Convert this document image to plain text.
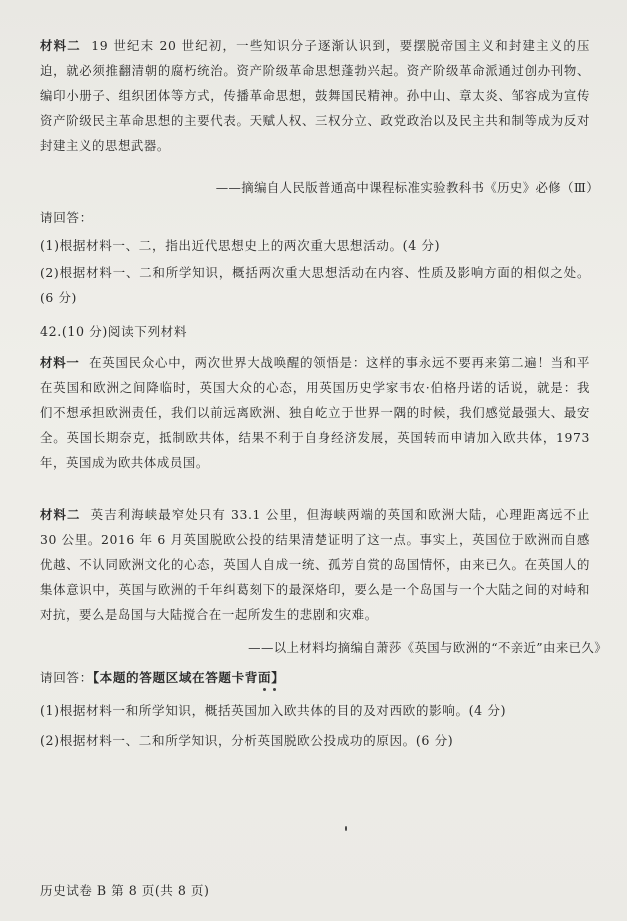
材料二 19 世纪末 20 世纪初，一些知识分子逐渐认识到，要摆脱帝国主义和封建主义的压迫，就必须推翻清朝的腐朽统治。资产阶级革命思想蓬勃兴起。资产阶级革命派通过创办刊物、编印小册子、组织团体等方式，传播革命思想，鼓舞国民精神。孙中山、章太炎、邹容成为宣传资产阶级民主革命思想的主要代表。天赋人权、三权分立、政党政治以及民主共和制等成为反对封建主义的思想武器。
——摘编自人民版普通高中课程标准实验教科书《历史》必修（Ⅲ）
请回答：
(1)根据材料一、二，指出近代思想史上的两次重大思想活动。(4 分)
(2)根据材料一、二和所学知识，概括两次重大思想活动在内容、性质及影响方面的相似之处。(6 分)
42.(10 分)阅读下列材料
材料一 在英国民众心中，两次世界大战唤醒的领悟是：这样的事永远不要再来第二遍！当和平在英国和欧洲之间降临时，英国大众的心态，用英国历史学家韦农·伯格丹诺的话说，就是：我们不想承担欧洲责任，我们以前远离欧洲、独自屹立于世界一隅的时候，我们感觉最强大、最安全。英国长期奈克，抵制欧共体，结果不利于自身经济发展，英国转而申请加入欧共体，1973 年，英国成为欧共体成员国。
材料二 英吉利海峡最窄处只有 33.1 公里，但海峡两端的英国和欧洲大陆，心理距离远不止 30 公里。2016 年 6 月英国脱欧公投的结果清楚证明了这一点。事实上，英国位于欧洲而自感优越、不认同欧洲文化的心态，英国人自成一统、孤芳自赏的岛国情怀，由来已久。在英国人的集体意识中，英国与欧洲的千年纠葛刻下的最深烙印，要么是一个岛国与一个大陆之间的对峙和对抗，要么是岛国与大陆搅合在一起所发生的悲剧和灾难。
——以上材料均摘编自萧莎《英国与欧洲的“不亲近”由来已久》
请回答：【本题的答题区域在答题卡背面】
(1)根据材料一和所学知识，概括英国加入欧共体的目的及对西欧的影响。(4 分)
(2)根据材料一、二和所学知识，分析英国脱欧公投成功的原因。(6 分)
历史试卷 B 第 8 页(共 8 页)
